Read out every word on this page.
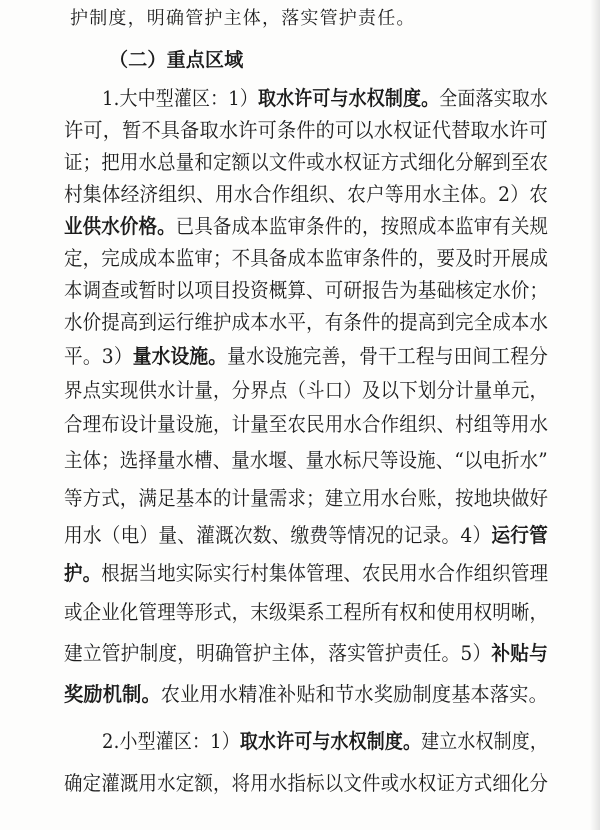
护制度，明确管护主体，落实管护责任。
（二）重点区域
1.大中型灌区：1）取水许可与水权制度。全面落实取水
许可，暂不具备取水许可条件的可以水权证代替取水许可
证；把用水总量和定额以文件或水权证方式细化分解到至农
村集体经济组织、用水合作组织、农户等用水主体。2）农
业供水价格。已具备成本监审条件的，按照成本监审有关规
定，完成成本监审；不具备成本监审条件的，要及时开展成
本调查或暂时以项目投资概算、可研报告为基础核定水价；
水价提高到运行维护成本水平，有条件的提高到完全成本水
平。3）量水设施。量水设施完善，骨干工程与田间工程分
界点实现供水计量，分界点（斗口）及以下划分计量单元，
合理布设计量设施，计量至农民用水合作组织、村组等用水
主体；选择量水槽、量水堰、量水标尺等设施、“以电折水”
等方式，满足基本的计量需求；建立用水台账，按地块做好
用水（电）量、灌溉次数、缴费等情况的记录。4）运行管
护。根据当地实际实行村集体管理、农民用水合作组织管理
或企业化管理等形式，末级渠系工程所有权和使用权明晰，
建立管护制度，明确管护主体，落实管护责任。5）补贴与
奖励机制。农业用水精准补贴和节水奖励制度基本落实。
2.小型灌区：1）取水许可与水权制度。建立水权制度，
确定灌溉用水定额，将用水指标以文件或水权证方式细化分
